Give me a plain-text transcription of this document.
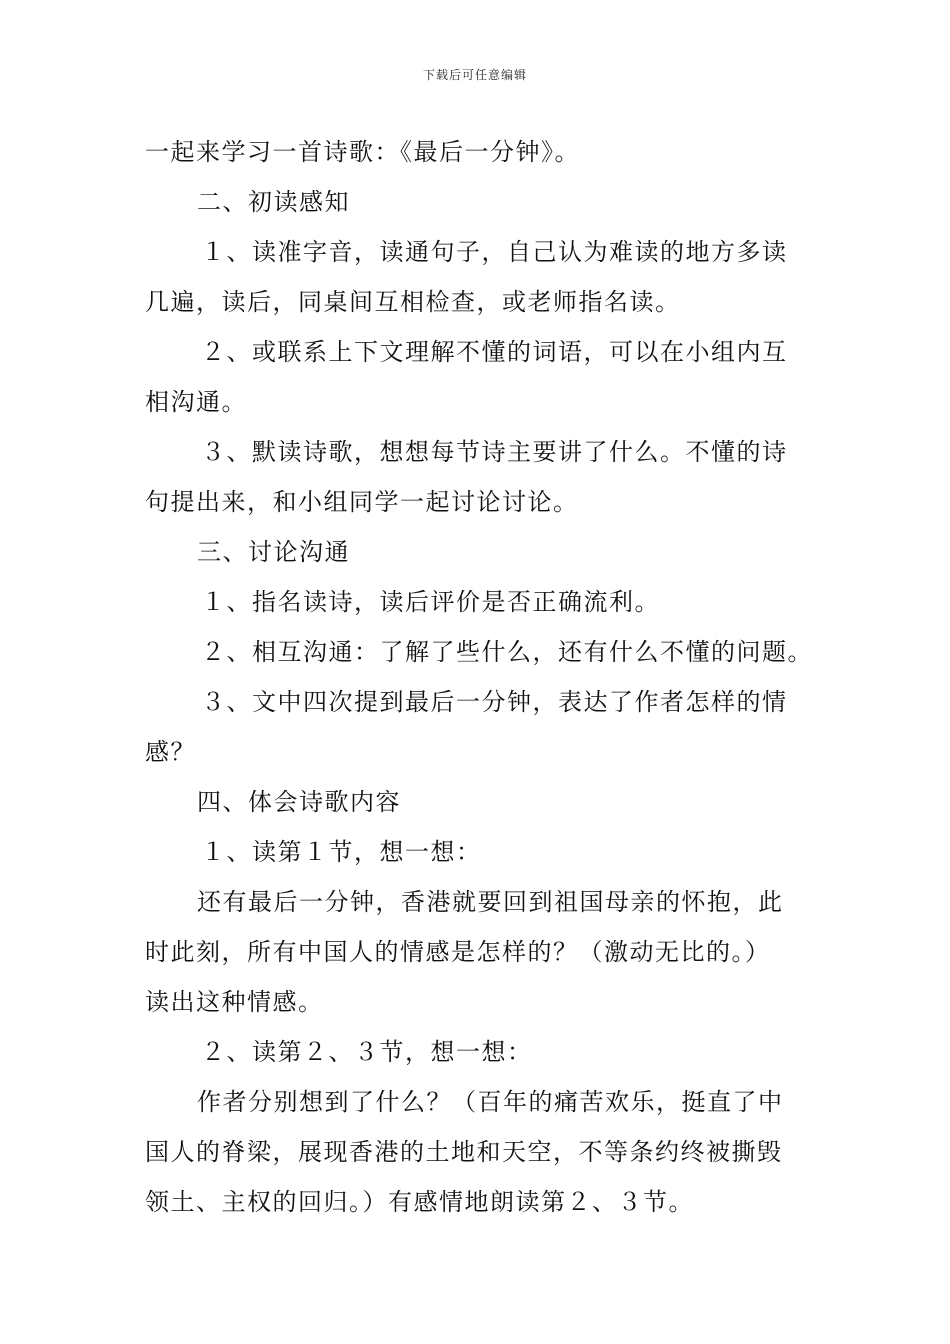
下载后可任意编辑
一起来学习一首诗歌：《最后一分钟》。
二、初读感知
１、读准字音，读通句子，自己认为难读的地方多读
几遍，读后，同桌间互相检查，或老师指名读。
２、或联系上下文理解不懂的词语，可以在小组内互
相沟通。
３、默读诗歌，想想每节诗主要讲了什么。不懂的诗
句提出来，和小组同学一起讨论讨论。
三、讨论沟通
１、指名读诗，读后评价是否正确流利。
２、相互沟通：了解了些什么，还有什么不懂的问题。
３、文中四次提到最后一分钟，表达了作者怎样的情
感？
四、体会诗歌内容
１、读第１节，想一想：
还有最后一分钟，香港就要回到祖国母亲的怀抱，此
时此刻，所有中国人的情感是怎样的？（激动无比的。）
读出这种情感。
２、读第２、３节，想一想：
作者分别想到了什么？（百年的痛苦欢乐，挺直了中
国人的脊梁，展现香港的土地和天空，不等条约终被撕毁
领土、主权的回归。）有感情地朗读第２、３节。
